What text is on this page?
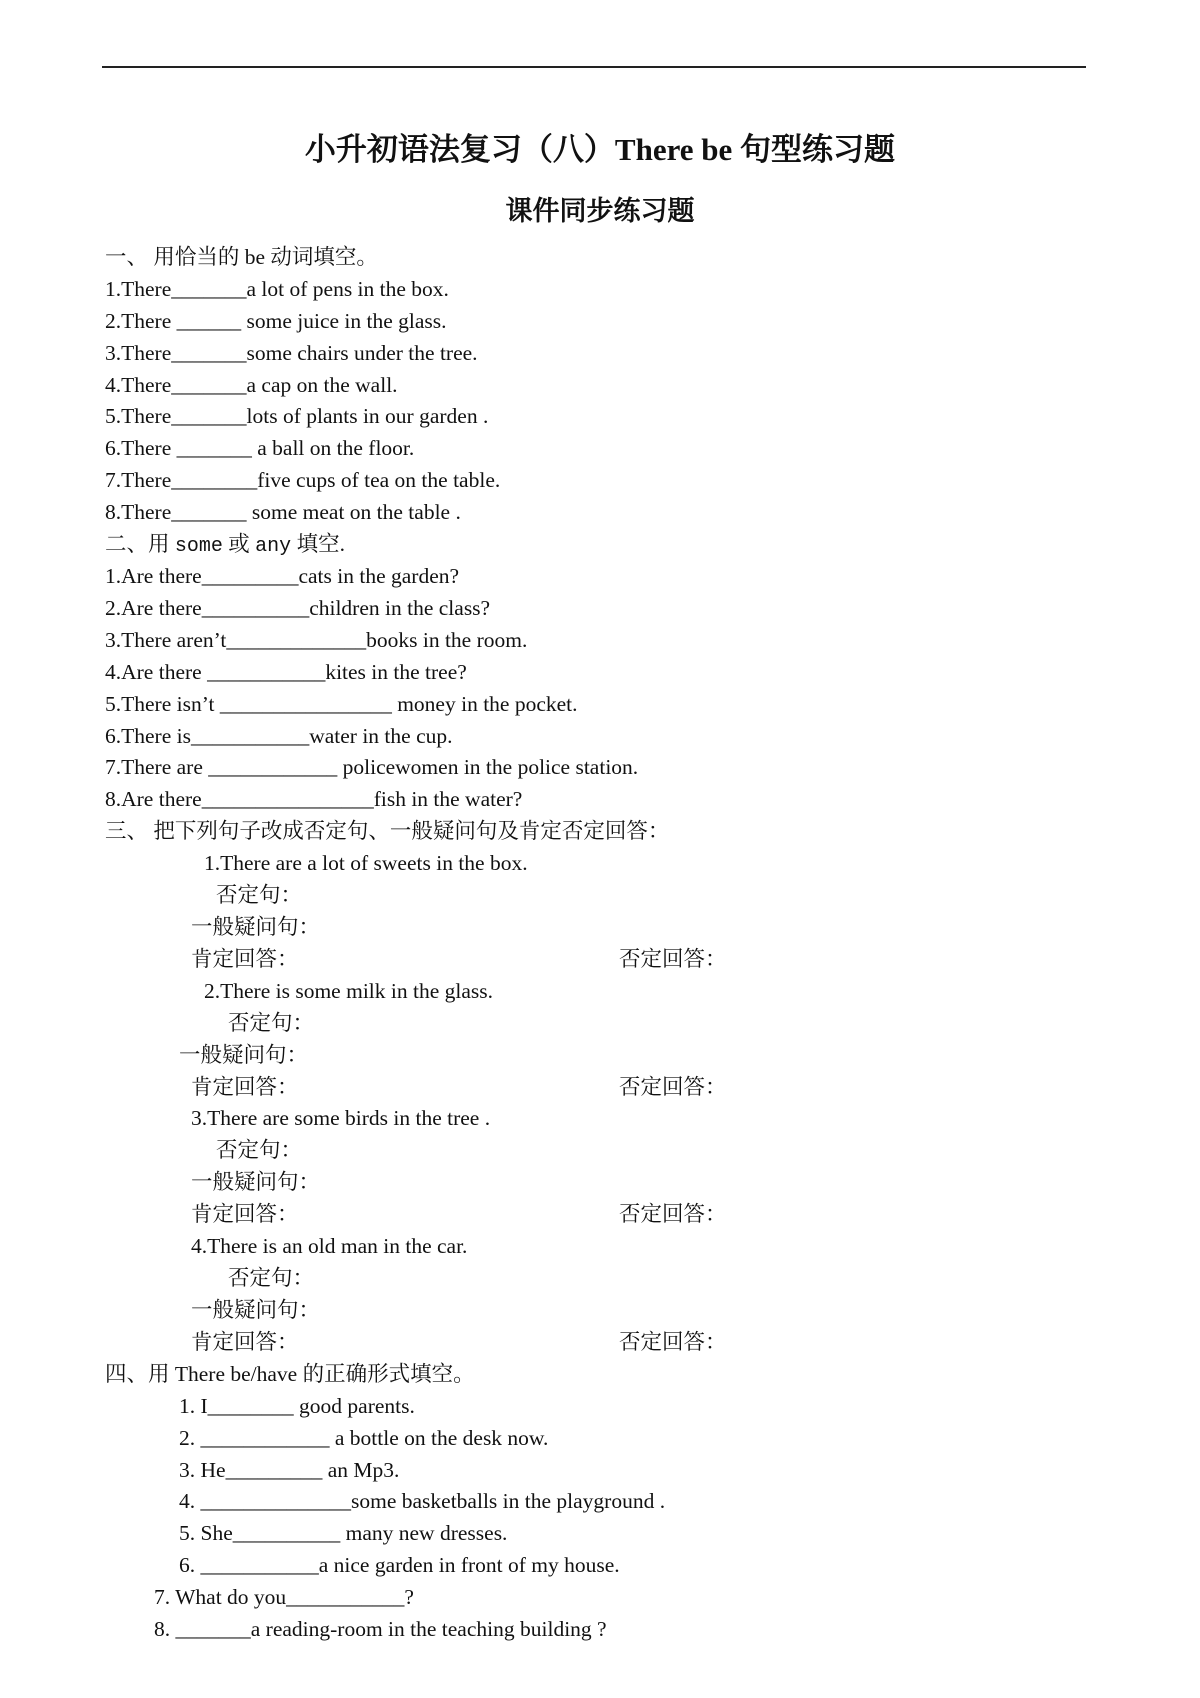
小升初语法复习（八）There be 句型练习题
课件同步练习题
一、 用恰当的 be 动词填空。
1.There_______a lot of pens in the box.
2.There ______ some juice in the glass.
3.There_______some chairs under the tree.
4.There_______a cap on the wall.
5.There_______lots of plants in our garden .
6.There _______ a ball on the floor.
7.There________five cups of tea on the table.
8.There_______ some meat on the table .
二、用 some 或 any 填空.
1.Are there_________cats in the garden?
2.Are there__________children in the class?
3.There aren’t_____________books in the room.
4.Are there ___________kites in the tree?
5.There isn’t ________________ money in the pocket.
6.There is___________water in the cup.
7.There are ____________ policewomen in the police station.
8.Are there________________fish in the water?
三、 把下列句子改成否定句、一般疑问句及肯定否定回答：
1.There are a lot of sweets in the box.
否定句：
一般疑问句：
肯定回答：	否定回答：
2.There is some milk in the glass.
否定句：
一般疑问句：
肯定回答：	否定回答：
3.There are some birds in the tree .
否定句：
一般疑问句：
肯定回答：	否定回答：
4.There is an old man in the car.
否定句：
一般疑问句：
肯定回答：	否定回答：
四、用 There be/have 的正确形式填空。
1. I________ good parents.
2. ____________ a bottle on the desk now.
3. He_________ an Mp3.
4. ______________some basketballs in the playground .
5. She__________ many new dresses.
6. ___________a nice garden in front of my house.
7. What do you___________?
8. _______a reading-room in the teaching building ?
